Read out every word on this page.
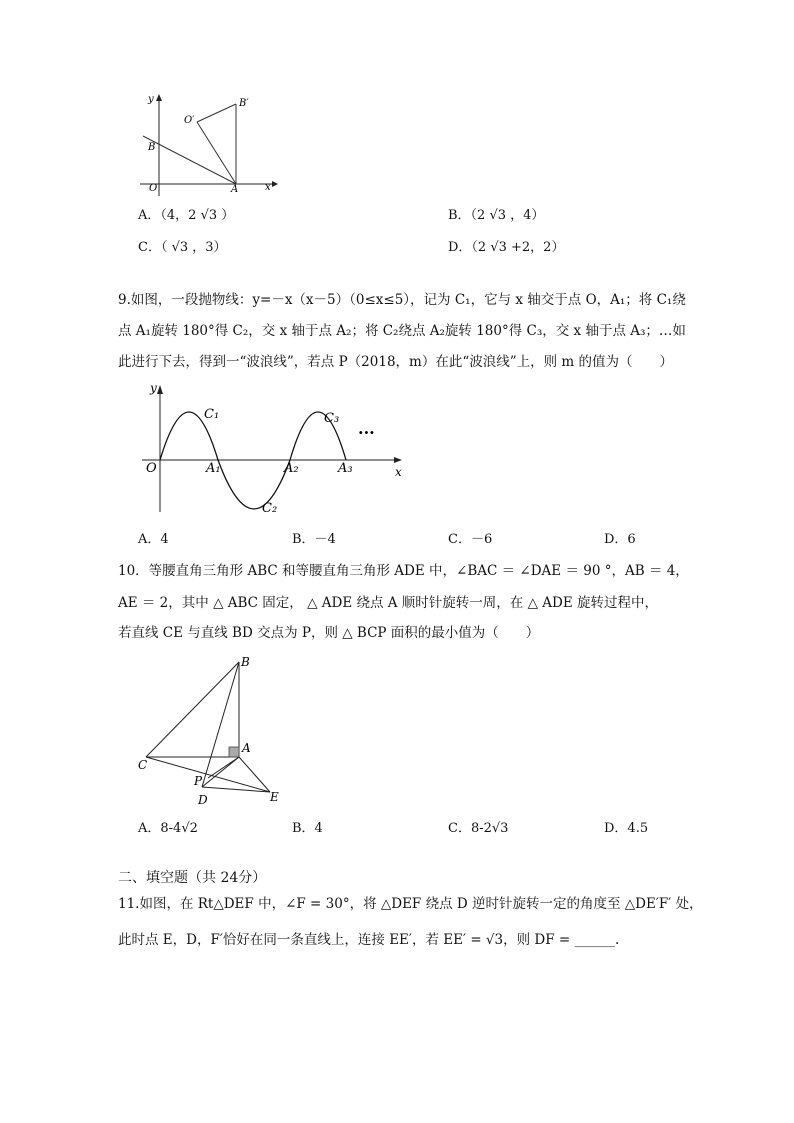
y
x
O	A
B
B′
O′
A．（4，2 √3 ）	B．（2 √3 ，4）
C．（ √3 ，3）	D．（2 √3 +2，2）
9.如图，一段抛物线：y=－x（x－5）（0≤x≤5），记为 C₁，它与 x 轴交于点 O，A₁；将 C₁绕
点 A₁旋转 180°得 C₂，交 x 轴于点 A₂；将 C₂绕点 A₂旋转 180°得 C₃，交 x 轴于点 A₃；…如
此进行下去，得到一“波浪线”，若点 P（2018，m）在此“波浪线”上，则 m 的值为（　　）
y
x
O	A₁	A₂	A₃
C₁
C₂
C₃
···
A．4	B．－4	C．－6	D．6
10．等腰直角三角形 ABC 和等腰直角三角形 ADE 中，∠BAC ＝ ∠DAE ＝ 90 °，AB ＝ 4，
AE ＝ 2，其中 △ ABC 固定， △ ADE 绕点 A 顺时针旋转一周，在 △ ADE 旋转过程中，
若直线 CE 与直线 BD 交点为 P，则 △ BCP 面积的最小值为（　　）
B
A
C
P
D	E
A．8-4√2	B．4	C．8-2√3	D．4.5
二、填空题（共 24分）
11.如图，在 Rt△DEF 中，∠F = 30°，将 △DEF 绕点 D 逆时针旋转一定的角度至 △DE′F′ 处，
此时点 E，D，F′恰好在同一条直线上，连接 EE′，若 EE′ = √3，则 DF = ______.
